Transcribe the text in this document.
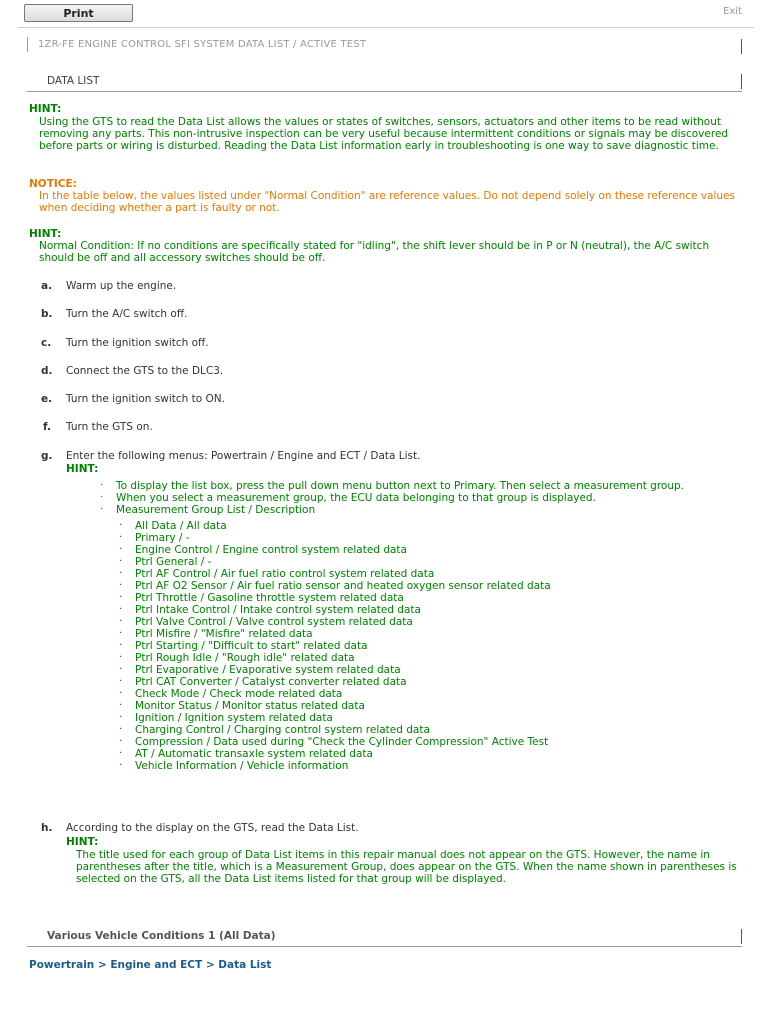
Print	Exit
1ZR-FE ENGINE CONTROL SFI SYSTEM DATA LIST / ACTIVE TEST
DATA LIST
HINT:
Using the GTS to read the Data List allows the values or states of switches, sensors, actuators and other items to be read without removing any parts. This non-intrusive inspection can be very useful because intermittent conditions or signals may be discovered before parts or wiring is disturbed. Reading the Data List information early in troubleshooting is one way to save diagnostic time.
NOTICE:
In the table below, the values listed under "Normal Condition" are reference values. Do not depend solely on these reference values when deciding whether a part is faulty or not.
HINT:
Normal Condition: If no conditions are specifically stated for "idling", the shift lever should be in P or N (neutral), the A/C switch should be off and all accessory switches should be off.
a. Warm up the engine.
b. Turn the A/C switch off.
c. Turn the ignition switch off.
d. Connect the GTS to the DLC3.
e. Turn the ignition switch to ON.
f. Turn the GTS on.
g. Enter the following menus: Powertrain / Engine and ECT / Data List.
HINT:
· To display the list box, press the pull down menu button next to Primary. Then select a measurement group.
· When you select a measurement group, the ECU data belonging to that group is displayed.
· Measurement Group List / Description
· All Data / All data
· Primary / -
· Engine Control / Engine control system related data
· Ptrl General / -
· Ptrl AF Control / Air fuel ratio control system related data
· Ptrl AF O2 Sensor / Air fuel ratio sensor and heated oxygen sensor related data
· Ptrl Throttle / Gasoline throttle system related data
· Ptrl Intake Control / Intake control system related data
· Ptrl Valve Control / Valve control system related data
· Ptrl Misfire / "Misfire" related data
· Ptrl Starting / "Difficult to start" related data
· Ptrl Rough Idle / "Rough idle" related data
· Ptrl Evaporative / Evaporative system related data
· Ptrl CAT Converter / Catalyst converter related data
· Check Mode / Check mode related data
· Monitor Status / Monitor status related data
· Ignition / Ignition system related data
· Charging Control / Charging control system related data
· Compression / Data used during "Check the Cylinder Compression" Active Test
· AT / Automatic transaxle system related data
· Vehicle Information / Vehicle information
h. According to the display on the GTS, read the Data List.
HINT:
The title used for each group of Data List items in this repair manual does not appear on the GTS. However, the name in parentheses after the title, which is a Measurement Group, does appear on the GTS. When the name shown in parentheses is selected on the GTS, all the Data List items listed for that group will be displayed.
Various Vehicle Conditions 1 (All Data)
Powertrain > Engine and ECT > Data List
